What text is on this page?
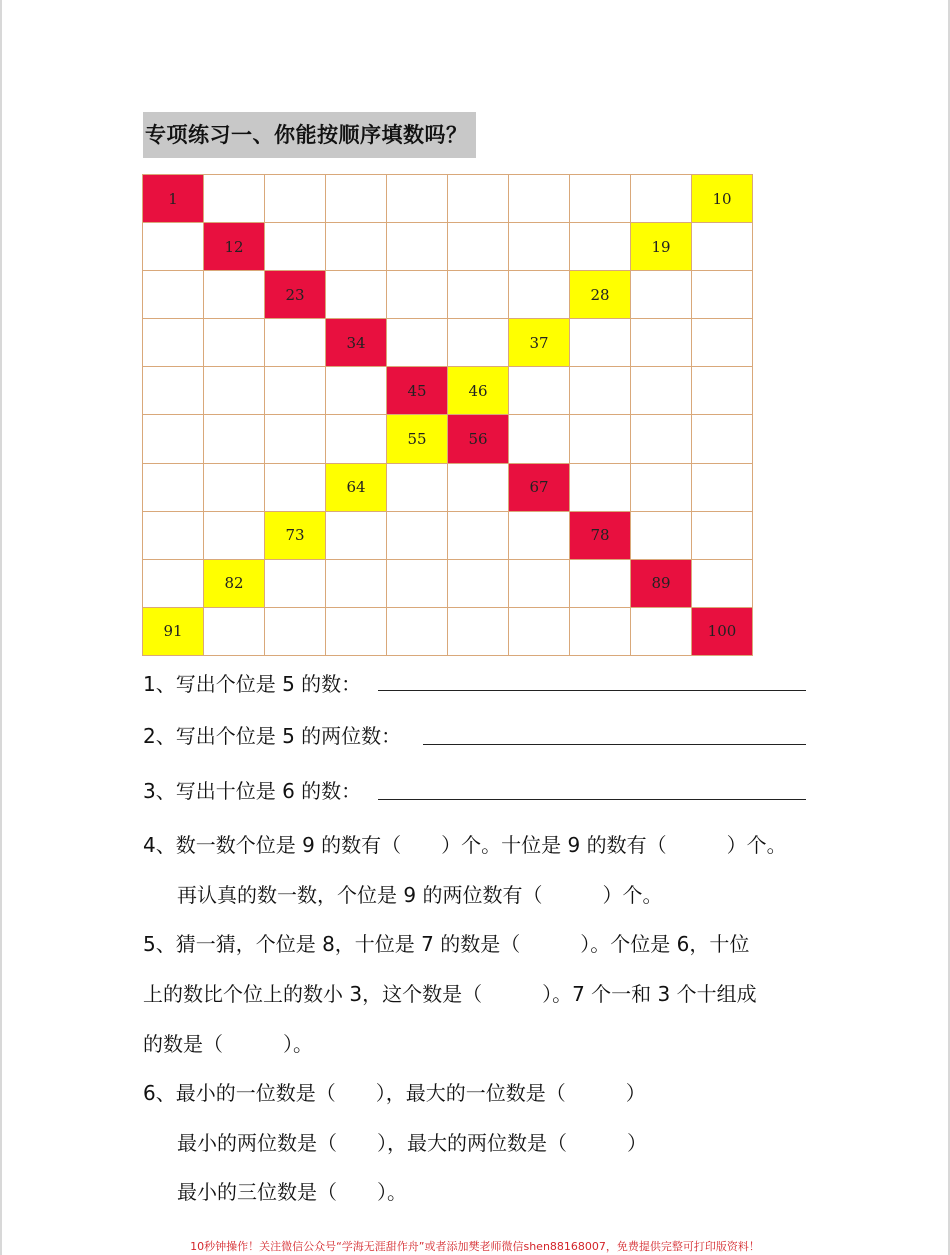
专项练习一、你能按顺序填数吗？
1									10
	12							19	
		23					28		
			34			37			
				45	46				
				55	56				
			64			67			
		73					78		
	82							89	
91									100
1、写出个位是 5 的数：
2、写出个位是 5 的两位数：
3、写出十位是 6 的数：
4、数一数个位是 9 的数有（　　）个。十位是 9 的数有（　　　）个。
再认真的数一数，个位是 9 的两位数有（　　　）个。
5、猜一猜，个位是 8，十位是 7 的数是（　　　）。个位是 6，十位
上的数比个位上的数小 3，这个数是（　　　）。7 个一和 3 个十组成
的数是（　　　）。
6、最小的一位数是（　　），最大的一位数是（　　　）
最小的两位数是（　　），最大的两位数是（　　　）
最小的三位数是（　　）。
10秒钟操作！关注微信公众号“学海无涯甜作舟”或者添加樊老师微信shen88168007，免费提供完整可打印版资料！
